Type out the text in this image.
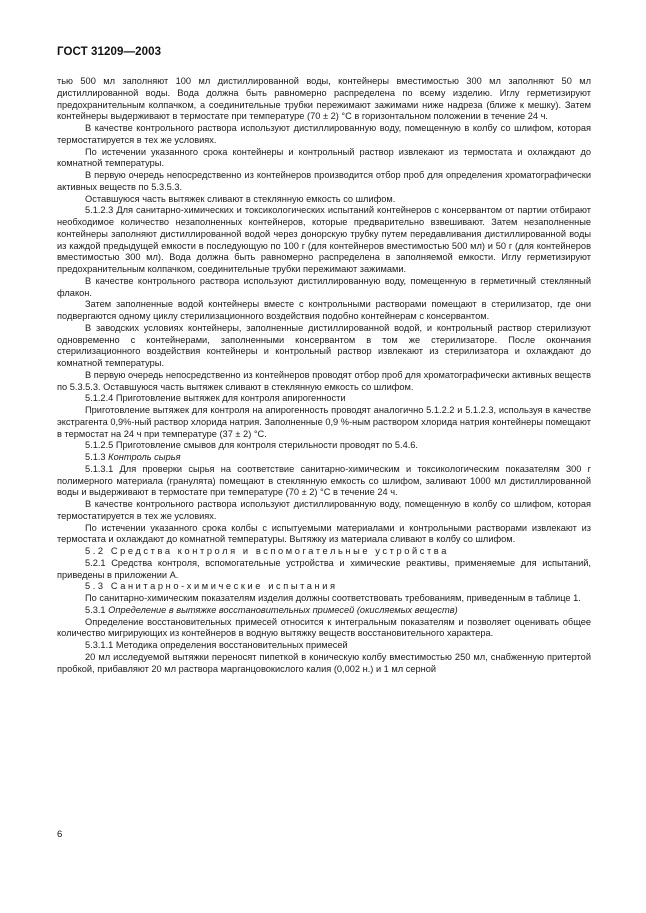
ГОСТ 31209—2003

тью 500 мл заполняют 100 мл дистиллированной воды, контейнеры вместимостью 300 мл заполняют 50 мл дистиллированной воды. Вода должна быть равномерно распределена по всему изделию. Иглу герметизируют предохранительным колпачком, а соединительные трубки пережимают зажимами ниже надреза (ближе к мешку). Затем контейнеры выдерживают в термостате при температуре (70 ± 2) °С в горизонтальном положении в течение 24 ч.

В качестве контрольного раствора используют дистиллированную воду, помещенную в колбу со шлифом, которая термостатируется в тех же условиях.

По истечении указанного срока контейнеры и контрольный раствор извлекают из термостата и охлаждают до комнатной температуры.

В первую очередь непосредственно из контейнеров производится отбор проб для определения хроматографически активных веществ по 5.3.5.3.

Оставшуюся часть вытяжек сливают в стеклянную емкость со шлифом.

5.1.2.3 Для санитарно-химических и токсикологических испытаний контейнеров с консервантом от партии отбирают необходимое количество незаполненных контейнеров, которые предварительно взвешивают. Затем незаполненные контейнеры заполняют дистиллированной водой через донорскую трубку путем передавливания дистиллированной воды из каждой предыдущей емкости в последующую по 100 г (для контейнеров вместимостью 500 мл) и 50 г (для контейнеров вместимостью 300 мл). Вода должна быть равномерно распределена в заполняемой емкости. Иглу герметизируют предохранительным колпачком, соединительные трубки пережимают зажимами.

В качестве контрольного раствора используют дистиллированную воду, помещенную в герметичный стеклянный флакон.

Затем заполненные водой контейнеры вместе с контрольными растворами помещают в стерилизатор, где они подвергаются одному циклу стерилизационного воздействия подобно контейнерам с консервантом.

В заводских условиях контейнеры, заполненные дистиллированной водой, и контрольный раствор стерилизуют одновременно с контейнерами, заполненными консервантом в том же стерилизаторе. После окончания стерилизационного воздействия контейнеры и контрольный раствор извлекают из стерилизатора и охлаждают до комнатной температуры.

В первую очередь непосредственно из контейнеров проводят отбор проб для хроматографически активных веществ по 5.3.5.3. Оставшуюся часть вытяжек сливают в стеклянную емкость со шлифом.

5.1.2.4 Приготовление вытяжек для контроля апирогенности

Приготовление вытяжек для контроля на апирогенность проводят аналогично 5.1.2.2 и 5.1.2.3, используя в качестве экстрагента 0,9%-ный раствор хлорида натрия. Заполненные 0,9 %-ным раствором хлорида натрия контейнеры помещают в термостат на 24 ч при температуре (37 ± 2) °С.

5.1.2.5 Приготовление смывов для контроля стерильности проводят по 5.4.6.

5.1.3 Контроль сырья

5.1.3.1 Для проверки сырья на соответствие санитарно-химическим и токсикологическим показателям 300 г полимерного материала (гранулята) помещают в стеклянную емкость со шлифом, заливают 1000 мл дистиллированной воды и выдерживают в термостате при температуре (70 ± 2) °С в течение 24 ч.

В качестве контрольного раствора используют дистиллированную воду, помещенную в колбу со шлифом, которая термостатируется в тех же условиях.

По истечении указанного срока колбы с испытуемыми материалами и контрольными растворами извлекают из термостата и охлаждают до комнатной температуры. Вытяжку из материала сливают в колбу со шлифом.

5.2 Средства контроля и вспомогательные устройства

5.2.1 Средства контроля, вспомогательные устройства и химические реактивы, применяемые для испытаний, приведены в приложении А.

5.3 Санитарно-химические испытания

По санитарно-химическим показателям изделия должны соответствовать требованиям, приведенным в таблице 1.

5.3.1 Определение в вытяжке восстановительных примесей (окисляемых веществ)

Определение восстановительных примесей относится к интегральным показателям и позволяет оценивать общее количество мигрирующих из контейнеров в водную вытяжку веществ восстановительного характера.

5.3.1.1 Методика определения восстановительных примесей

20 мл исследуемой вытяжки переносят пипеткой в коническую колбу вместимостью 250 мл, снабженную притертой пробкой, прибавляют 20 мл раствора марганцовокислого калия (0,002 н.) и 1 мл серной

6
